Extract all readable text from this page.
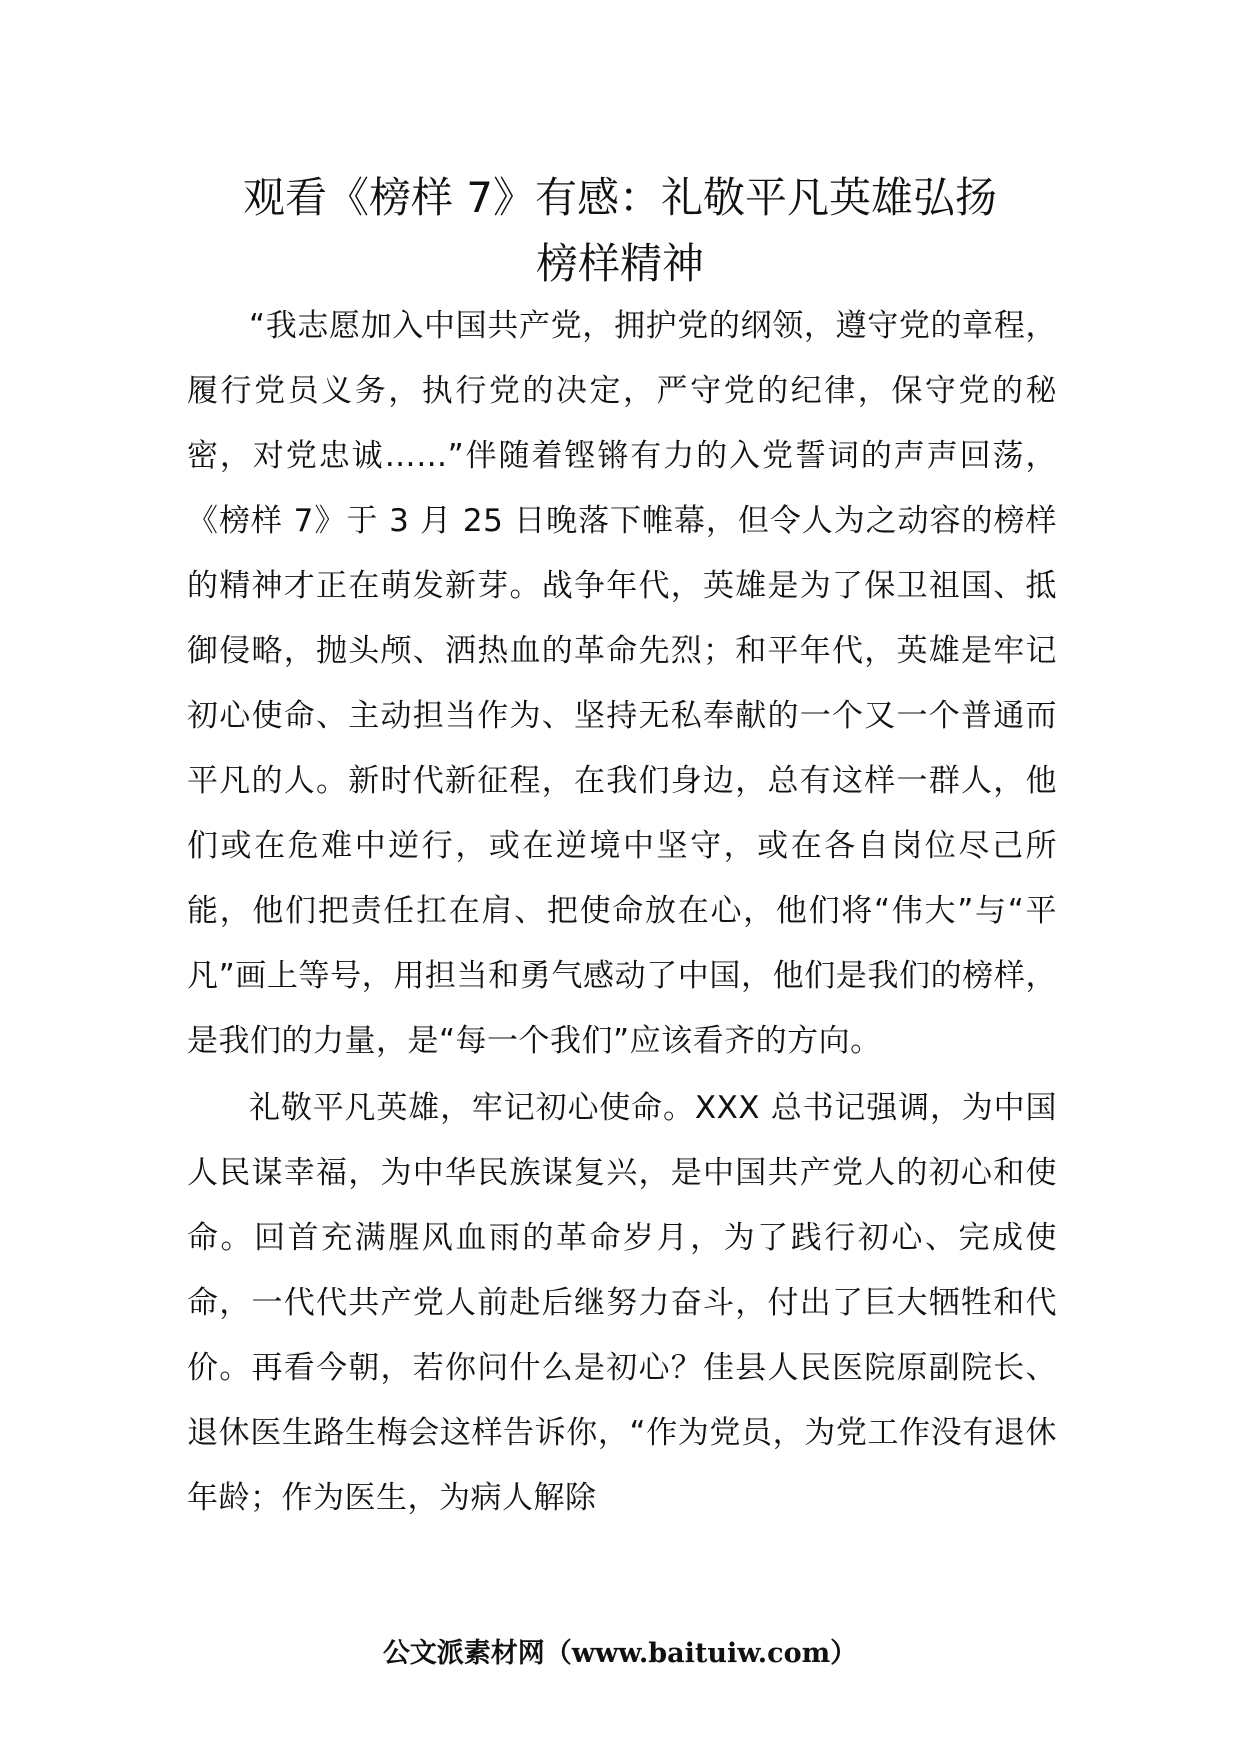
观看《榜样 7》有感：礼敬平凡英雄弘扬
榜样精神

“我志愿加入中国共产党，拥护党的纲领，遵守党的章程，履行党员义务，执行党的决定，严守党的纪律，保守党的秘密，对党忠诚……”伴随着铿锵有力的入党誓词的声声回荡，《榜样 7》于 3 月 25 日晚落下帷幕，但令人为之动容的榜样的精神才正在萌发新芽。战争年代，英雄是为了保卫祖国、抵御侵略，抛头颅、洒热血的革命先烈；和平年代，英雄是牢记初心使命、主动担当作为、坚持无私奉献的一个又一个普通而平凡的人。新时代新征程，在我们身边，总有这样一群人，他们或在危难中逆行，或在逆境中坚守，或在各自岗位尽己所能，他们把责任扛在肩、把使命放在心，他们将“伟大”与“平凡”画上等号，用担当和勇气感动了中国，他们是我们的榜样，是我们的力量，是“每一个我们”应该看齐的方向。

礼敬平凡英雄，牢记初心使命。XXX 总书记强调，为中国人民谋幸福，为中华民族谋复兴，是中国共产党人的初心和使命。回首充满腥风血雨的革命岁月，为了践行初心、完成使命，一代代共产党人前赴后继努力奋斗，付出了巨大牺牲和代价。再看今朝，若你问什么是初心？佳县人民医院原副院长、退休医生路生梅会这样告诉你，“作为党员，为党工作没有退休年龄；作为医生，为病人解除

公文派素材网（www.baituiw.com）
